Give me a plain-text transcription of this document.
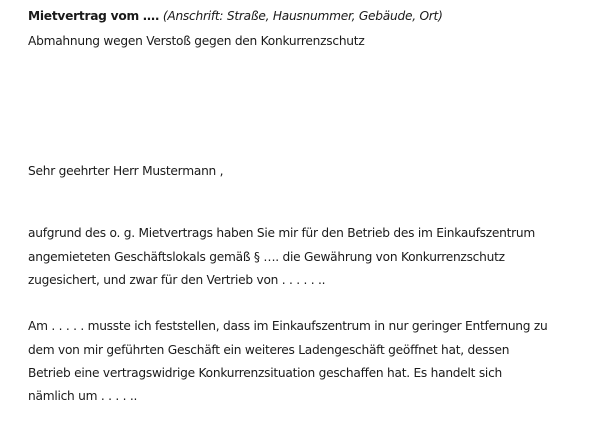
Mietvertrag vom …. (Anschrift: Straße, Hausnummer, Gebäude, Ort)
Abmahnung wegen Verstoß gegen den Konkurrenzschutz
Sehr geehrter Herr Mustermann ,
aufgrund des o. g. Mietvertrags haben Sie mir für den Betrieb des im Einkaufszentrum
angemieteten Geschäftslokals gemäß § …. die Gewährung von Konkurrenzschutz
zugesichert, und zwar für den Vertrieb von . . . . . ..
Am . . . . . musste ich feststellen, dass im Einkaufszentrum in nur geringer Entfernung zu
dem von mir geführten Geschäft ein weiteres Ladengeschäft geöffnet hat, dessen
Betrieb eine vertragswidrige Konkurrenzsituation geschaffen hat. Es handelt sich
nämlich um . . . . ..
